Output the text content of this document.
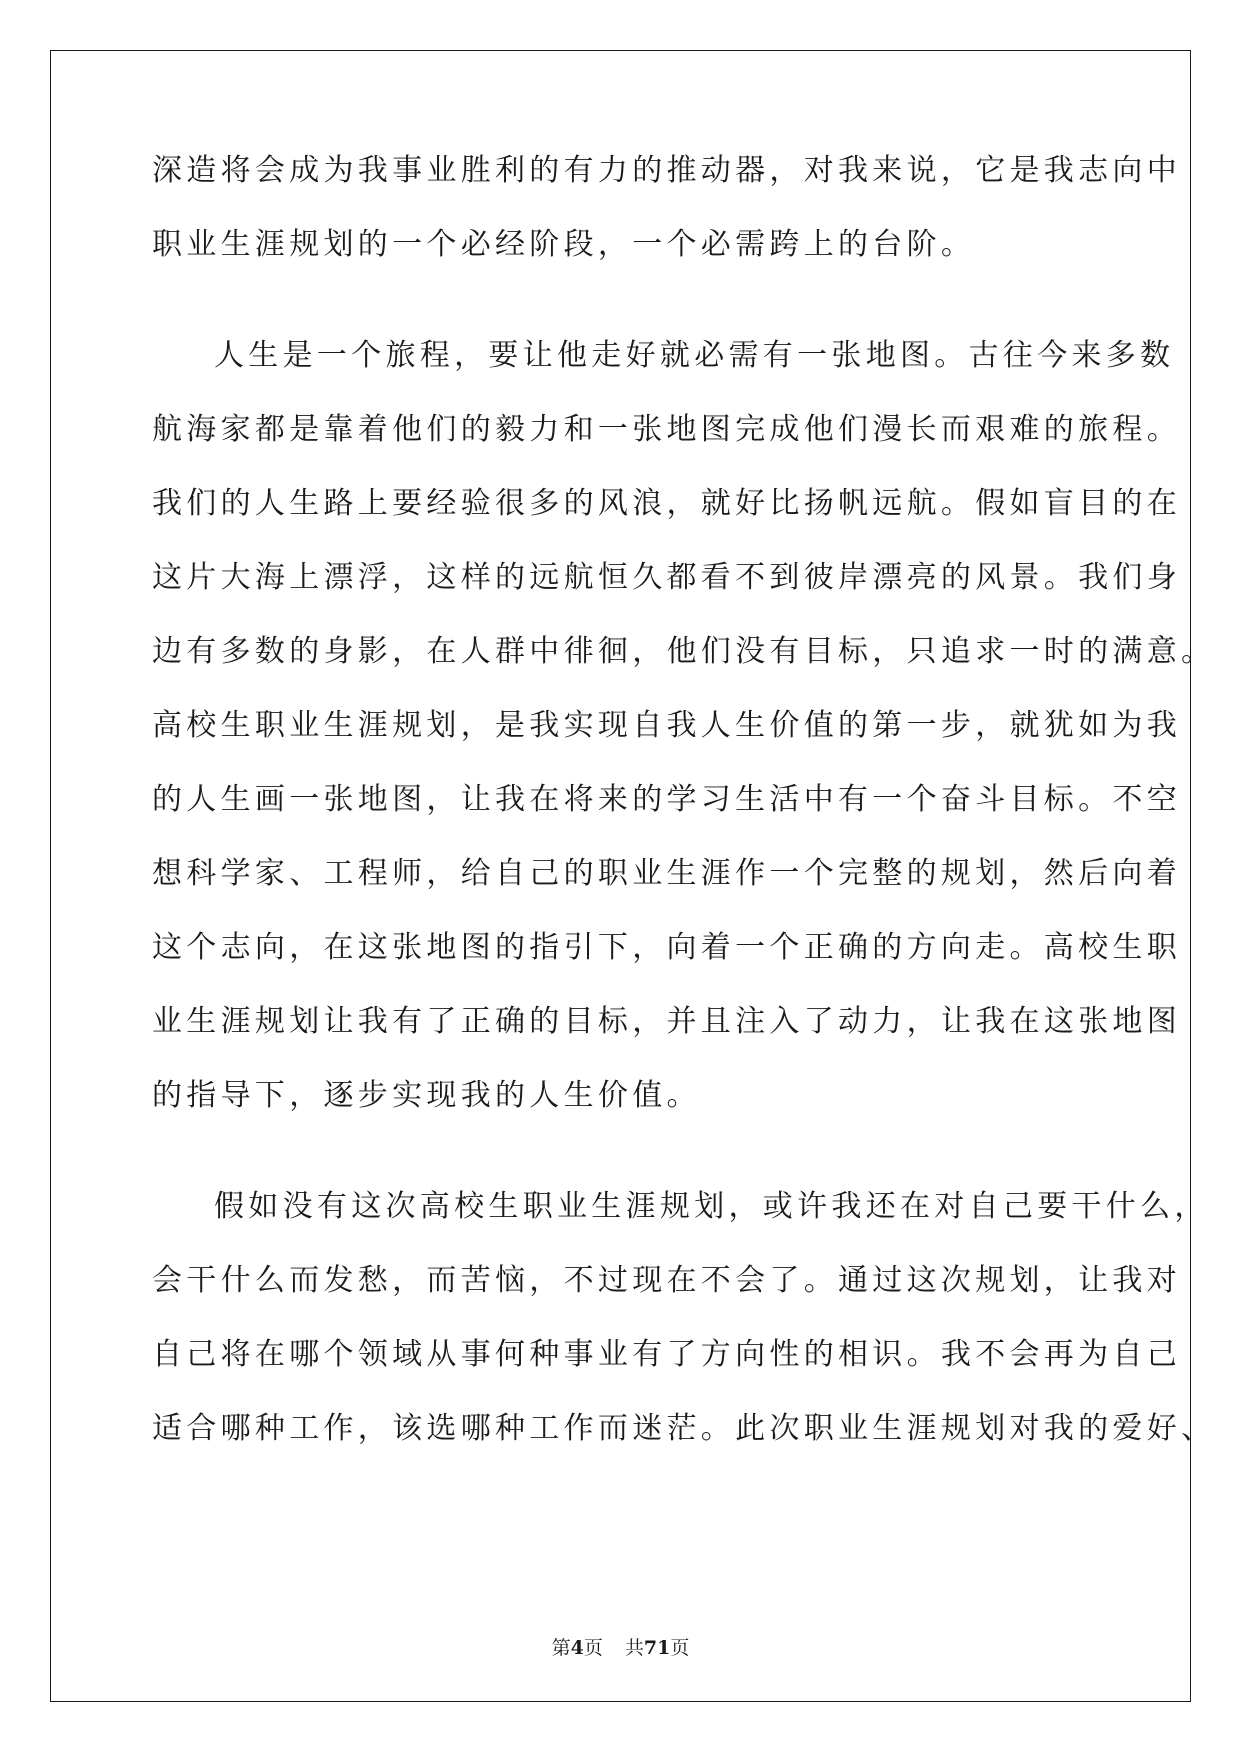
深造将会成为我事业胜利的有力的推动器，对我来说，它是我志向中

职业生涯规划的一个必经阶段，一个必需跨上的台阶。

人生是一个旅程，要让他走好就必需有一张地图。古往今来多数

航海家都是靠着他们的毅力和一张地图完成他们漫长而艰难的旅程。

我们的人生路上要经验很多的风浪，就好比扬帆远航。假如盲目的在

这片大海上漂浮，这样的远航恒久都看不到彼岸漂亮的风景。我们身

边有多数的身影，在人群中徘徊，他们没有目标，只追求一时的满意。

高校生职业生涯规划，是我实现自我人生价值的第一步，就犹如为我

的人生画一张地图，让我在将来的学习生活中有一个奋斗目标。不空

想科学家、工程师，给自己的职业生涯作一个完整的规划，然后向着

这个志向，在这张地图的指引下，向着一个正确的方向走。高校生职

业生涯规划让我有了正确的目标，并且注入了动力，让我在这张地图

的指导下，逐步实现我的人生价值。

假如没有这次高校生职业生涯规划，或许我还在对自己要干什么，

会干什么而发愁，而苦恼，不过现在不会了。通过这次规划，让我对

自己将在哪个领域从事何种事业有了方向性的相识。我不会再为自己

适合哪种工作，该选哪种工作而迷茫。此次职业生涯规划对我的爱好、

第4页 共71页
